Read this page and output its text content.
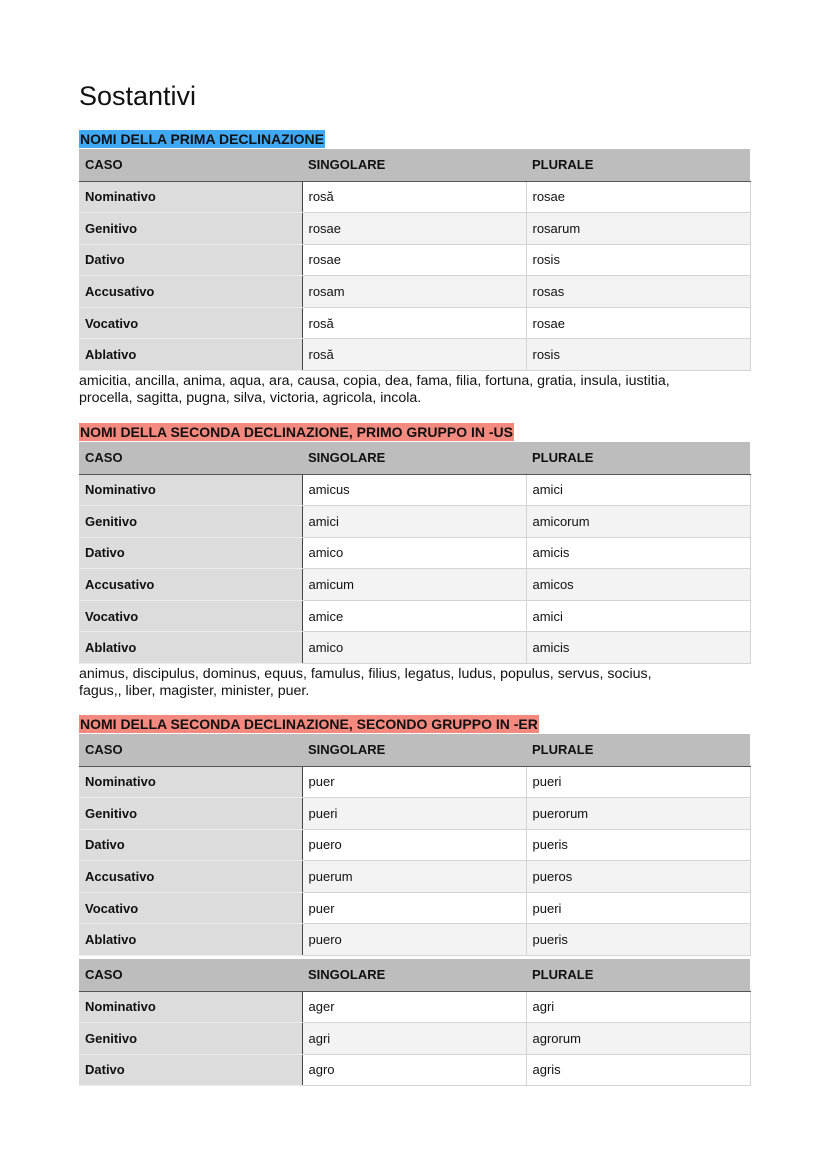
Sostantivi
NOMI DELLA PRIMA DECLINAZIONE
CASO	SINGOLARE	PLURALE
Nominativo	rosă	rosae
Genitivo	rosae	rosarum
Dativo	rosae	rosis
Accusativo	rosam	rosas
Vocativo	rosă	rosae
Ablativo	rosă	rosis
amicitia, ancilla, anima, aqua, ara, causa, copia, dea, fama, filia, fortuna, gratia, insula, iustitia,
procella, sagitta, pugna, silva, victoria, agricola, incola.
NOMI DELLA SECONDA DECLINAZIONE, PRIMO GRUPPO IN -US
CASO	SINGOLARE	PLURALE
Nominativo	amicus	amici
Genitivo	amici	amicorum
Dativo	amico	amicis
Accusativo	amicum	amicos
Vocativo	amice	amici
Ablativo	amico	amicis
animus, discipulus, dominus, equus, famulus, filius, legatus, ludus, populus, servus, socius,
fagus,, liber, magister, minister, puer.
NOMI DELLA SECONDA DECLINAZIONE, SECONDO GRUPPO IN -ER
CASO	SINGOLARE	PLURALE
Nominativo	puer	pueri
Genitivo	pueri	puerorum
Dativo	puero	pueris
Accusativo	puerum	pueros
Vocativo	puer	pueri
Ablativo	puero	pueris
CASO	SINGOLARE	PLURALE
Nominativo	ager	agri
Genitivo	agri	agrorum
Dativo	agro	agris
